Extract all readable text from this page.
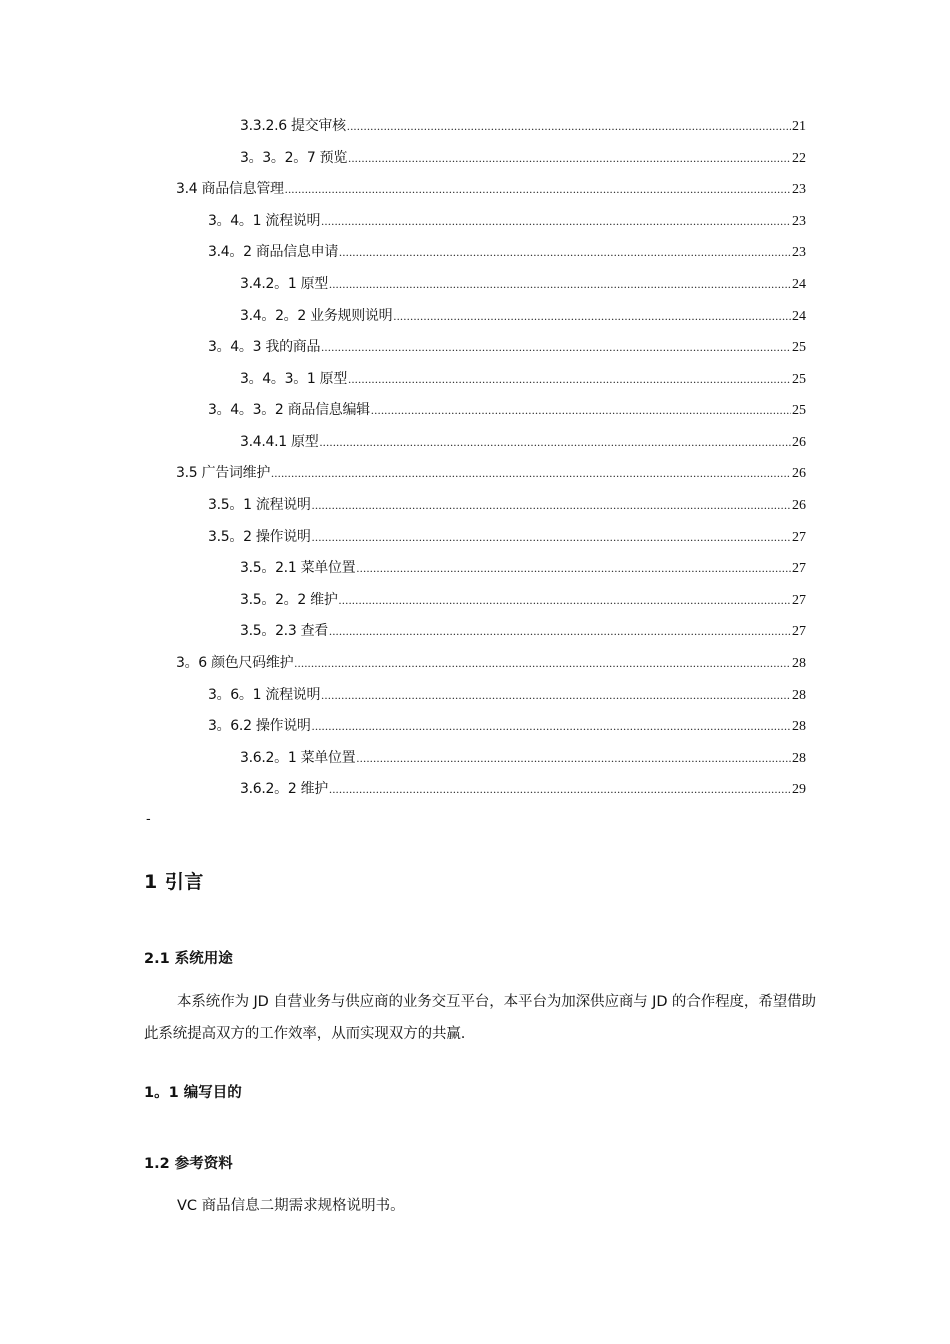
3.3.2.6 提交审核 .....	21
3。3。2。7 预览 .....	22
3.4 商品信息管理 .....	23
3。4。1 流程说明 .....	23
3.4。2 商品信息申请 .....	23
3.4.2。1 原型 .....	24
3.4。2。2 业务规则说明 .....	24
3。4。3 我的商品 .....	25
3。4。3。1 原型 .....	25
3。4。3。2 商品信息编辑 .....	25
3.4.4.1 原型 .....	26
3.5 广告词维护 .....	26
3.5。1 流程说明 .....	26
3.5。2 操作说明 .....	27
3.5。2.1 菜单位置 .....	27
3.5。2。2 维护 .....	27
3.5。2.3 查看 .....	27
3。6 颜色尺码维护 .....	28
3。6。1 流程说明 .....	28
3。6.2 操作说明 .....	28
3.6.2。1 菜单位置 .....	28
3.6.2。2 维护 .....	29
-
1 引言
2.1 系统用途
本系统作为 JD 自营业务与供应商的业务交互平台，本平台为加深供应商与 JD 的合作程度，希望借助此系统提高双方的工作效率，从而实现双方的共赢.
1。1 编写目的
1.2 参考资料
VC 商品信息二期需求规格说明书。
